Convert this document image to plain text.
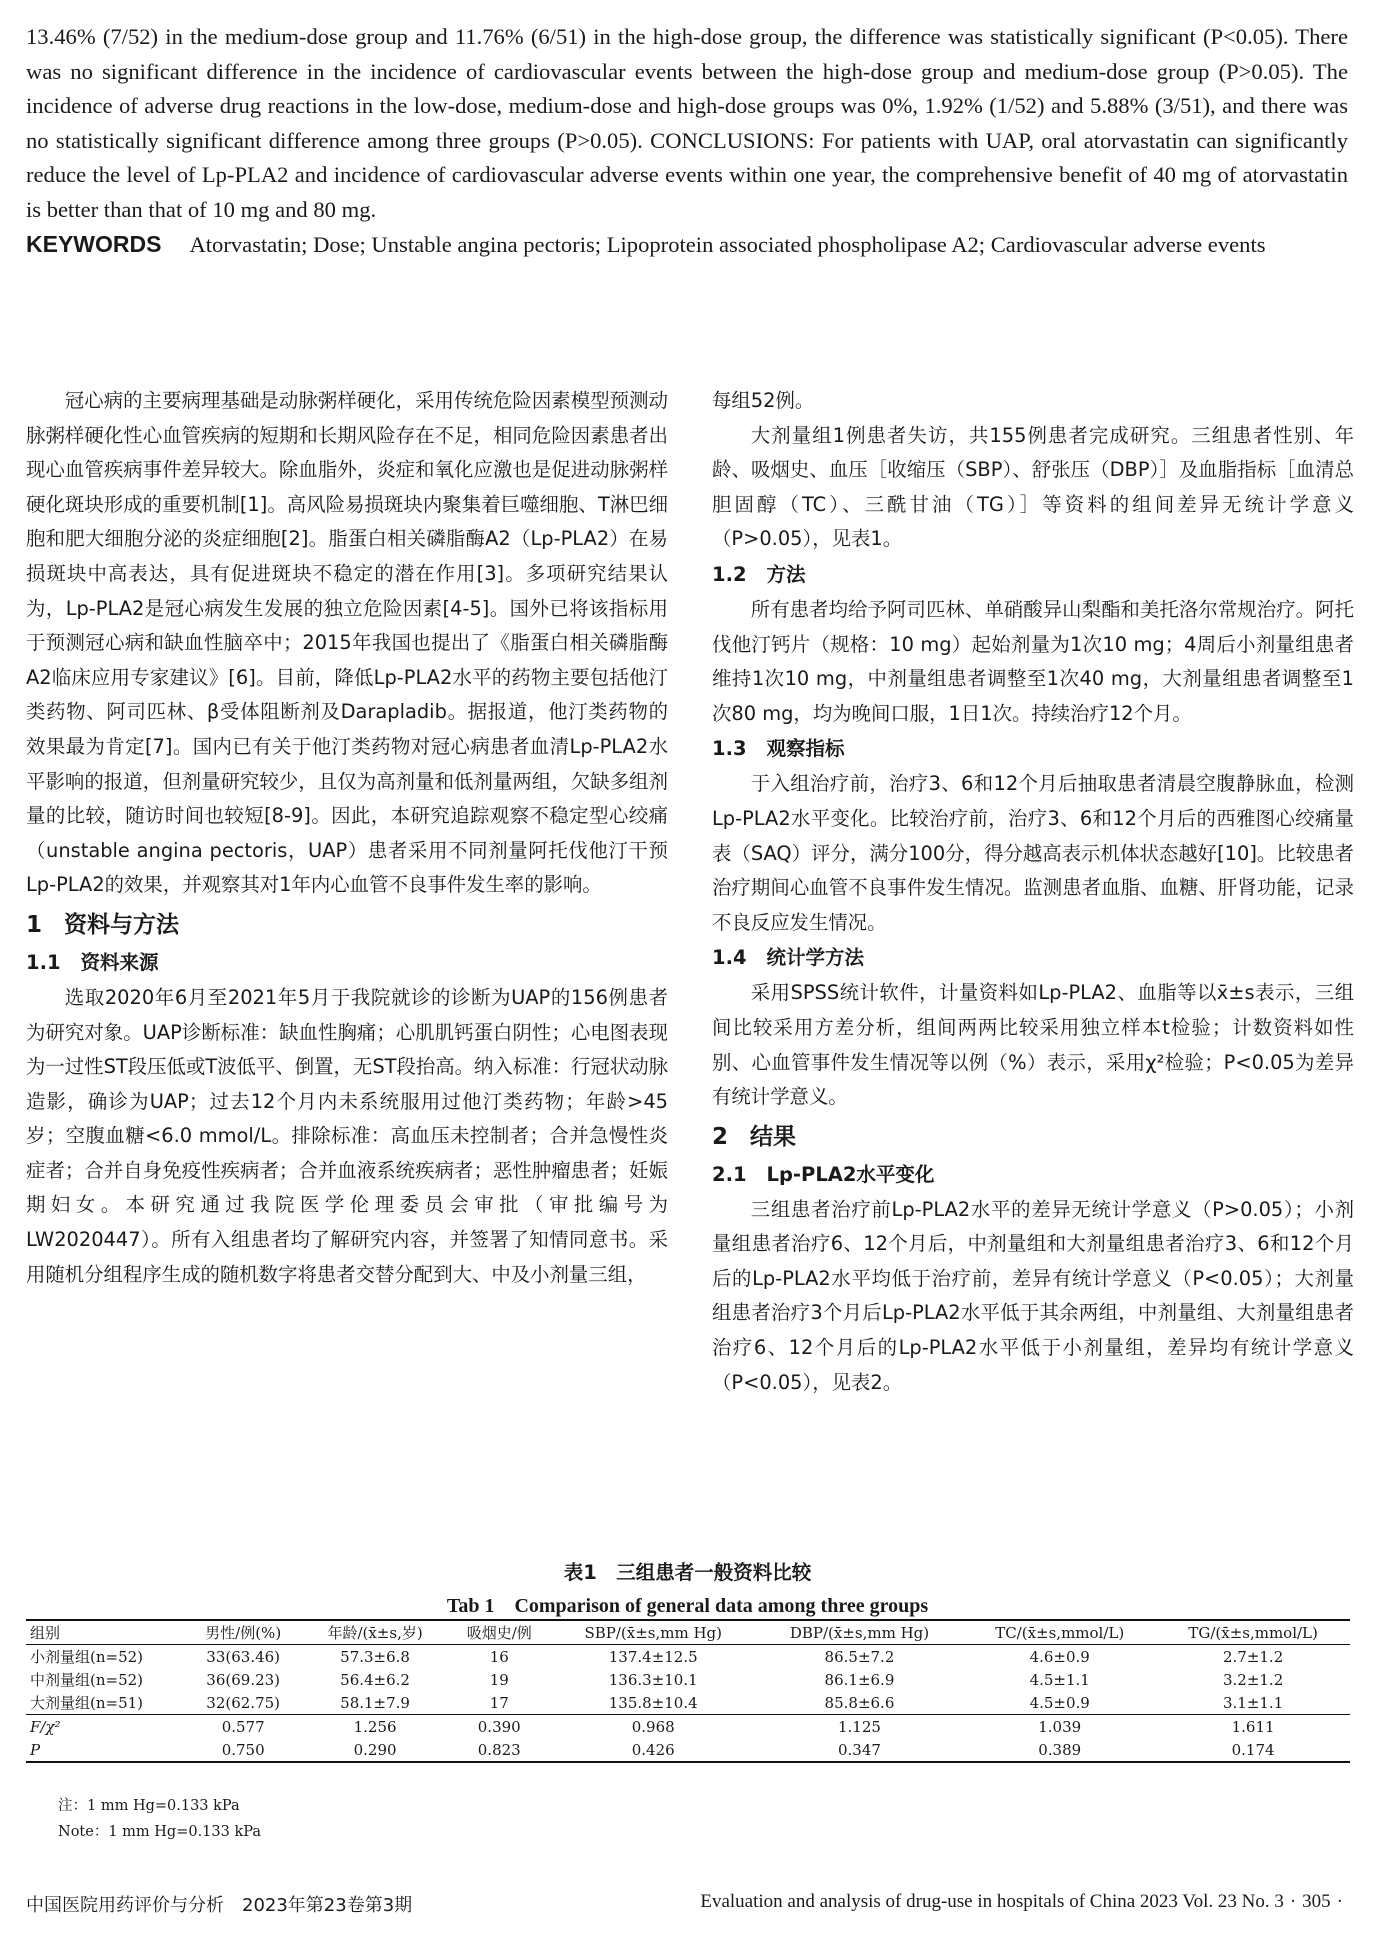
13.46% (7/52) in the medium-dose group and 11.76% (6/51) in the high-dose group, the difference was statistically significant (P<0.05). There was no significant difference in the incidence of cardiovascular events between the high-dose group and medium-dose group (P>0.05). The incidence of adverse drug reactions in the low-dose, medium-dose and high-dose groups was 0%, 1.92% (1/52) and 5.88% (3/51), and there was no statistically significant difference among three groups (P>0.05). CONCLUSIONS: For patients with UAP, oral atorvastatin can significantly reduce the level of Lp-PLA2 and incidence of cardiovascular adverse events within one year, the comprehensive benefit of 40 mg of atorvastatin is better than that of 10 mg and 80 mg.

KEYWORDS Atorvastatin; Dose; Unstable angina pectoris; Lipoprotein associated phospholipase A2; Cardiovascular adverse events

冠心病的主要病理基础是动脉粥样硬化，采用传统危险因素模型预测动脉粥样硬化性心血管疾病的短期和长期风险存在不足，相同危险因素患者出现心血管疾病事件差异较大。除血脂外，炎症和氧化应激也是促进动脉粥样硬化斑块形成的重要机制[1]。高风险易损斑块内聚集着巨噬细胞、T淋巴细胞和肥大细胞分泌的炎症细胞[2]。脂蛋白相关磷脂酶A2（Lp-PLA2）在易损斑块中高表达，具有促进斑块不稳定的潜在作用[3]。多项研究结果认为，Lp-PLA2是冠心病发生发展的独立危险因素[4-5]。国外已将该指标用于预测冠心病和缺血性脑卒中；2015年我国也提出了《脂蛋白相关磷脂酶A2临床应用专家建议》[6]。目前，降低Lp-PLA2水平的药物主要包括他汀类药物、阿司匹林、β受体阻断剂及Darapladib。据报道，他汀类药物的效果最为肯定[7]。国内已有关于他汀类药物对冠心病患者血清Lp-PLA2水平影响的报道，但剂量研究较少，且仅为高剂量和低剂量两组，欠缺多组剂量的比较，随访时间也较短[8-9]。因此，本研究追踪观察不稳定型心绞痛（unstable angina pectoris，UAP）患者采用不同剂量阿托伐他汀干预Lp-PLA2的效果，并观察其对1年内心血管不良事件发生率的影响。

1 资料与方法
1.1 资料来源

选取2020年6月至2021年5月于我院就诊的诊断为UAP的156例患者为研究对象。UAP诊断标准：缺血性胸痛；心肌肌钙蛋白阴性；心电图表现为一过性ST段压低或T波低平、倒置，无ST段抬高。纳入标准：行冠状动脉造影，确诊为UAP；过去12个月内未系统服用过他汀类药物；年龄>45岁；空腹血糖<6.0 mmol/L。排除标准：高血压未控制者；合并急慢性炎症者；合并自身免疫性疾病者；合并血液系统疾病者；恶性肿瘤患者；妊娠期妇女。本研究通过我院医学伦理委员会审批（审批编号为LW2020447）。所有入组患者均了解研究内容，并签署了知情同意书。采用随机分组程序生成的随机数字将患者交替分配到大、中及小剂量三组，

每组52例。

大剂量组1例患者失访，共155例患者完成研究。三组患者性别、年龄、吸烟史、血压［收缩压（SBP）、舒张压（DBP）］及血脂指标［血清总胆固醇（TC）、三酰甘油（TG）］等资料的组间差异无统计学意义（P>0.05），见表1。

1.2 方法

所有患者均给予阿司匹林、单硝酸异山梨酯和美托洛尔常规治疗。阿托伐他汀钙片（规格：10 mg）起始剂量为1次10 mg；4周后小剂量组患者维持1次10 mg，中剂量组患者调整至1次40 mg，大剂量组患者调整至1次80 mg，均为晚间口服，1日1次。持续治疗12个月。

1.3 观察指标

于入组治疗前，治疗3、6和12个月后抽取患者清晨空腹静脉血，检测Lp-PLA2水平变化。比较治疗前，治疗3、6和12个月后的西雅图心绞痛量表（SAQ）评分，满分100分，得分越高表示机体状态越好[10]。比较患者治疗期间心血管不良事件发生情况。监测患者血脂、血糖、肝肾功能，记录不良反应发生情况。

1.4 统计学方法

采用SPSS统计软件，计量资料如Lp-PLA2、血脂等以x̄±s表示，三组间比较采用方差分析，组间两两比较采用独立样本t检验；计数资料如性别、心血管事件发生情况等以例（%）表示，采用χ²检验；P<0.05为差异有统计学意义。

2 结果
2.1 Lp-PLA2水平变化

三组患者治疗前Lp-PLA2水平的差异无统计学意义（P>0.05）；小剂量组患者治疗6、12个月后，中剂量组和大剂量组患者治疗3、6和12个月后的Lp-PLA2水平均低于治疗前，差异有统计学意义（P<0.05）；大剂量组患者治疗3个月后Lp-PLA2水平低于其余两组，中剂量组、大剂量组患者治疗6、12个月后的Lp-PLA2水平低于小剂量组，差异均有统计学意义（P<0.05），见表2。

表1　三组患者一般资料比较
Tab 1　Comparison of general data among three groups
组别	男性/例(%)	年龄/(x̄±s,岁)	吸烟史/例	SBP/(x̄±s,mm Hg)	DBP/(x̄±s,mm Hg)	TC/(x̄±s,mmol/L)	TG/(x̄±s,mmol/L)
小剂量组(n=52)	33(63.46)	57.3±6.8	16	137.4±12.5	86.5±7.2	4.6±0.9	2.7±1.2
中剂量组(n=52)	36(69.23)	56.4±6.2	19	136.3±10.1	86.1±6.9	4.5±1.1	3.2±1.2
大剂量组(n=51)	32(62.75)	58.1±7.9	17	135.8±10.4	85.8±6.6	4.5±0.9	3.1±1.1
F/χ²	0.577	1.256	0.390	0.968	1.125	1.039	1.611
P	0.750	0.290	0.823	0.426	0.347	0.389	0.174
注：1 mm Hg=0.133 kPa
Note：1 mm Hg=0.133 kPa
中国医院用药评价与分析　2023年第23卷第3期	Evaluation and analysis of drug-use in hospitals of China 2023 Vol. 23 No. 3 · 305 ·
